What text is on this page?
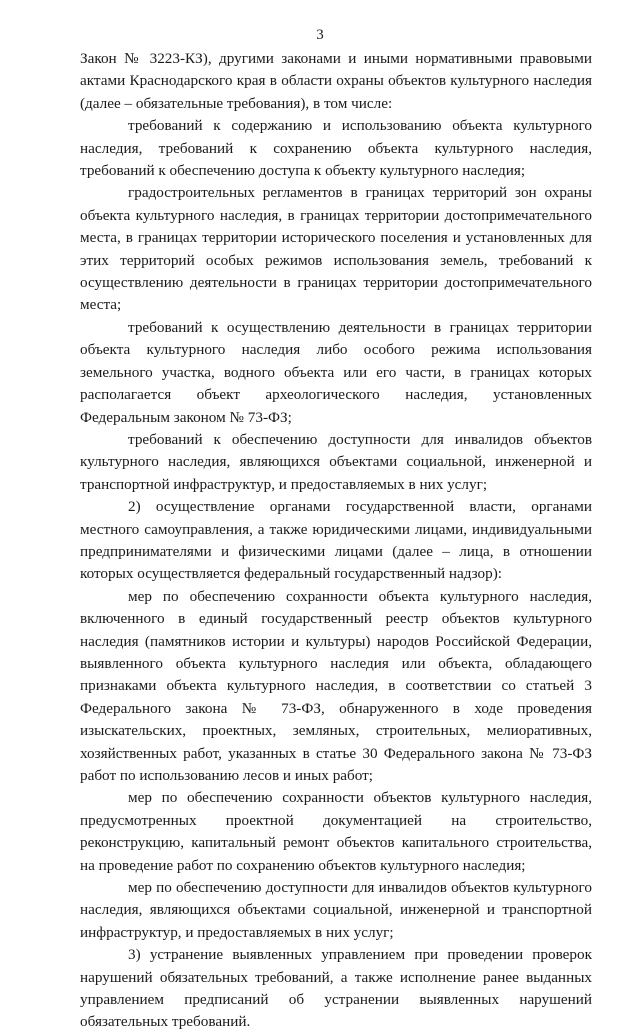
3

Закон № 3223-КЗ), другими законами и иными нормативными правовыми актами Краснодарского края в области охраны объектов культурного наследия (далее – обязательные требования), в том числе:

требований к содержанию и использованию объекта культурного наследия, требований к сохранению объекта культурного наследия, требований к обеспечению доступа к объекту культурного наследия;

градостроительных регламентов в границах территорий зон охраны объекта культурного наследия, в границах территории достопримечательного места, в границах территории исторического поселения и установленных для этих территорий особых режимов использования земель, требований к осуществлению деятельности в границах территории достопримечательного места;

требований к осуществлению деятельности в границах территории объекта культурного наследия либо особого режима использования земельного участка, водного объекта или его части, в границах которых располагается объект археологического наследия, установленных Федеральным законом № 73-ФЗ;

требований к обеспечению доступности для инвалидов объектов культурного наследия, являющихся объектами социальной, инженерной и транспортной инфраструктур, и предоставляемых в них услуг;

2) осуществление органами государственной власти, органами местного самоуправления, а также юридическими лицами, индивидуальными предпринимателями и физическими лицами (далее – лица, в отношении которых осуществляется федеральный государственный надзор):

мер по обеспечению сохранности объекта культурного наследия, включенного в единый государственный реестр объектов культурного наследия (памятников истории и культуры) народов Российской Федерации, выявленного объекта культурного наследия или объекта, обладающего признаками объекта культурного наследия, в соответствии со статьей 3 Федерального закона № 73-ФЗ, обнаруженного в ходе проведения изыскательских, проектных, земляных, строительных, мелиоративных, хозяйственных работ, указанных в статье 30 Федерального закона № 73-ФЗ работ по использованию лесов и иных работ;

мер по обеспечению сохранности объектов культурного наследия, предусмотренных проектной документацией на строительство, реконструкцию, капитальный ремонт объектов капитального строительства, на проведение работ по сохранению объектов культурного наследия;

мер по обеспечению доступности для инвалидов объектов культурного наследия, являющихся объектами социальной, инженерной и транспортной инфраструктур, и предоставляемых в них услуг;

3) устранение выявленных управлением при проведении проверок нарушений обязательных требований, а также исполнение ранее выданных управлением предписаний об устранении выявленных нарушений обязательных требований.
